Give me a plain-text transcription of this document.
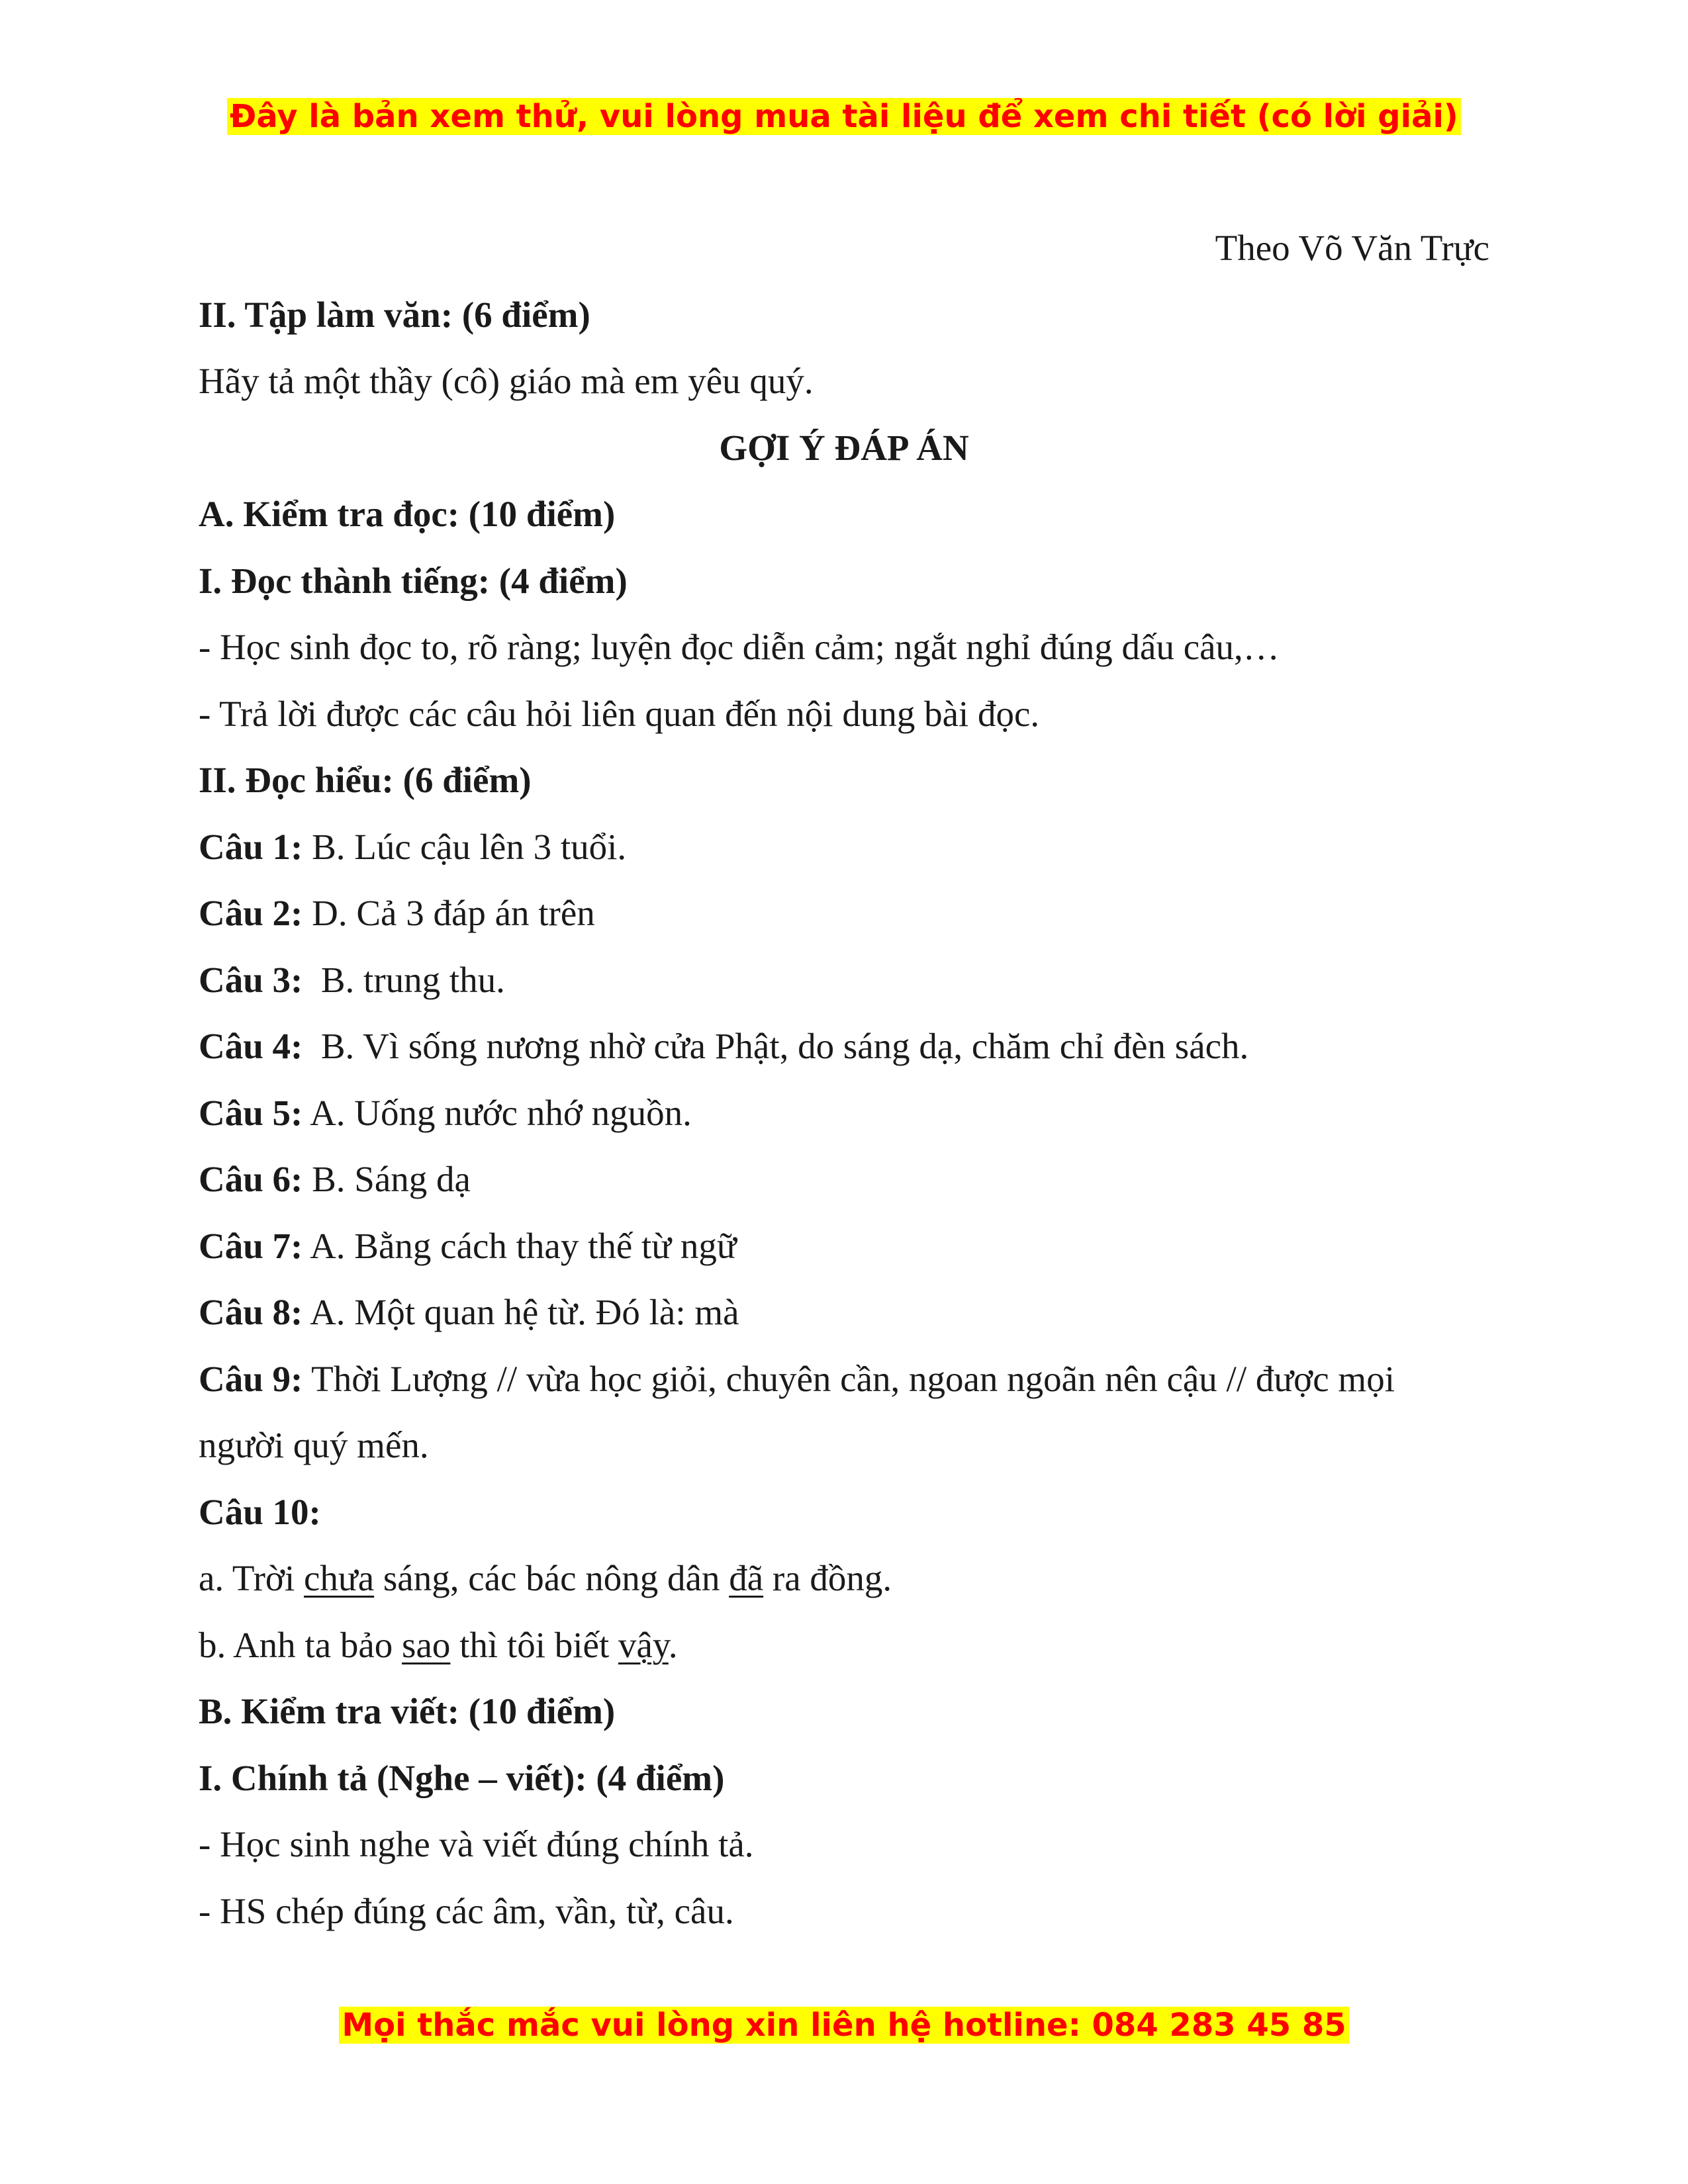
Đây là bản xem thử, vui lòng mua tài liệu để xem chi tiết (có lời giải)
Theo Võ Văn Trực
II. Tập làm văn: (6 điểm)
Hãy tả một thầy (cô) giáo mà em yêu quý.
GỢI Ý ĐÁP ÁN
A. Kiểm tra đọc: (10 điểm)
I. Đọc thành tiếng: (4 điểm)
- Học sinh đọc to, rõ ràng; luyện đọc diễn cảm; ngắt nghỉ đúng dấu câu,…
- Trả lời được các câu hỏi liên quan đến nội dung bài đọc.
II. Đọc hiểu: (6 điểm)
Câu 1: B. Lúc cậu lên 3 tuổi.
Câu 2: D. Cả 3 đáp án trên
Câu 3:  B. trung thu.
Câu 4:  B. Vì sống nương nhờ cửa Phật, do sáng dạ, chăm chỉ đèn sách.
Câu 5: A. Uống nước nhớ nguồn.
Câu 6: B. Sáng dạ
Câu 7: A. Bằng cách thay thế từ ngữ
Câu 8: A. Một quan hệ từ. Đó là: mà
Câu 9: Thời Lượng // vừa học giỏi, chuyên cần, ngoan ngoãn nên cậu // được mọi
người quý mến.
Câu 10:
a. Trời chưa sáng, các bác nông dân đã ra đồng.
b. Anh ta bảo sao thì tôi biết vậy.
B. Kiểm tra viết: (10 điểm)
I. Chính tả (Nghe – viết): (4 điểm)
- Học sinh nghe và viết đúng chính tả.
- HS chép đúng các âm, vần, từ, câu.
Mọi thắc mắc vui lòng xin liên hệ hotline: 084 283 45 85
